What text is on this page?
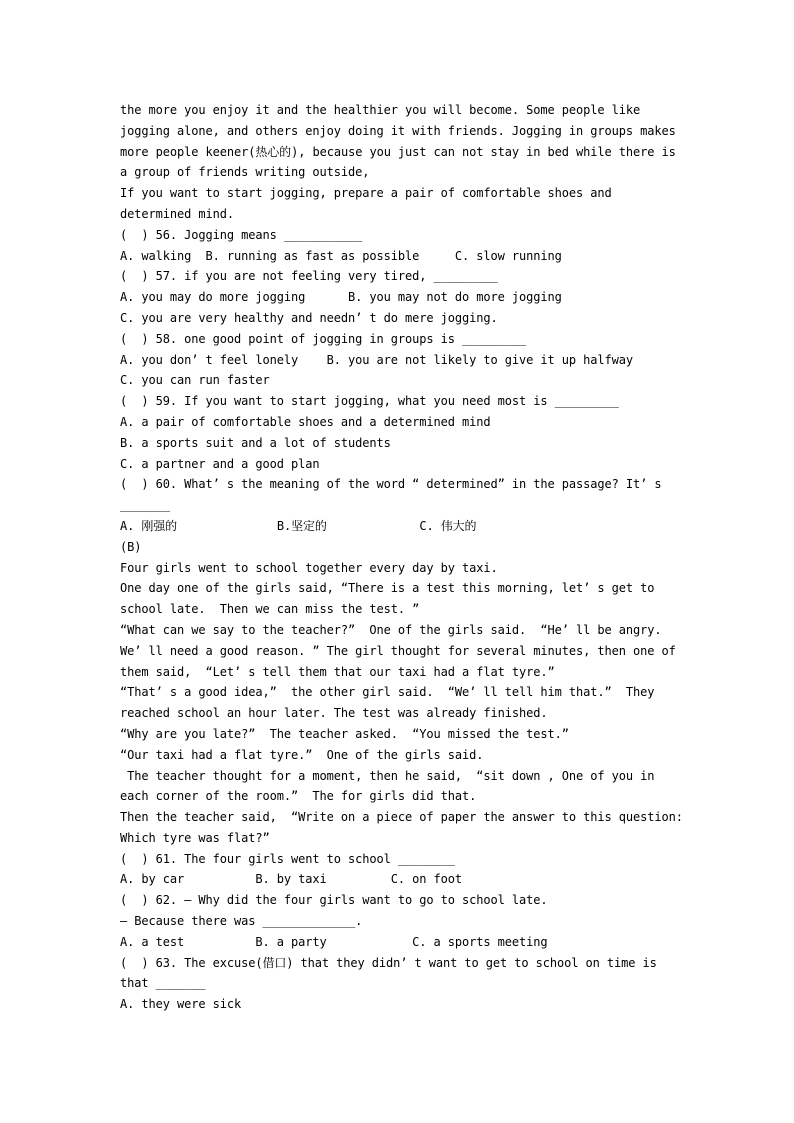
the more you enjoy it and the healthier you will become. Some people like
jogging alone, and others enjoy doing it with friends. Jogging in groups makes
more people keener(热心的), because you just can not stay in bed while there is
a group of friends writing outside,
If you want to start jogging, prepare a pair of comfortable shoes and
determined mind.
(  ) 56. Jogging means ___________
A. walking  B. running as fast as possible     C. slow running
(  ) 57. if you are not feeling very tired, _________
A. you may do more jogging      B. you may not do more jogging
C. you are very healthy and needn’ t do mere jogging.
(  ) 58. one good point of jogging in groups is _________
A. you don’ t feel lonely    B. you are not likely to give it up halfway
C. you can run faster
(  ) 59. If you want to start jogging, what you need most is _________
A. a pair of comfortable shoes and a determined mind
B. a sports suit and a lot of students
C. a partner and a good plan
(  ) 60. What’ s the meaning of the word “ determined” in the passage? It’ s
_______
A. 刚强的              B.坚定的             C. 伟大的
(B)
Four girls went to school together every day by taxi.
One day one of the girls said, “There is a test this morning, let’ s get to
school late.  Then we can miss the test. ”
“What can we say to the teacher?”  One of the girls said.  “He’ ll be angry.
We’ ll need a good reason. ” The girl thought for several minutes, then one of
them said,  “Let’ s tell them that our taxi had a flat tyre.”
“That’ s a good idea,”  the other girl said.  “We’ ll tell him that.”  They
reached school an hour later. The test was already finished.
“Why are you late?”  The teacher asked.  “You missed the test.”
“Our taxi had a flat tyre.”  One of the girls said.
The teacher thought for a moment, then he said,  “sit down , One of you in
each corner of the room.”  The for girls did that.
Then the teacher said,  “Write on a piece of paper the answer to this question:
Which tyre was flat?”
(  ) 61. The four girls went to school ________
A. by car          B. by taxi         C. on foot
(  ) 62. — Why did the four girls want to go to school late.
— Because there was _____________.
A. a test          B. a party            C. a sports meeting
(  ) 63. The excuse(借口) that they didn’ t want to get to school on time is
that _______
A. they were sick
